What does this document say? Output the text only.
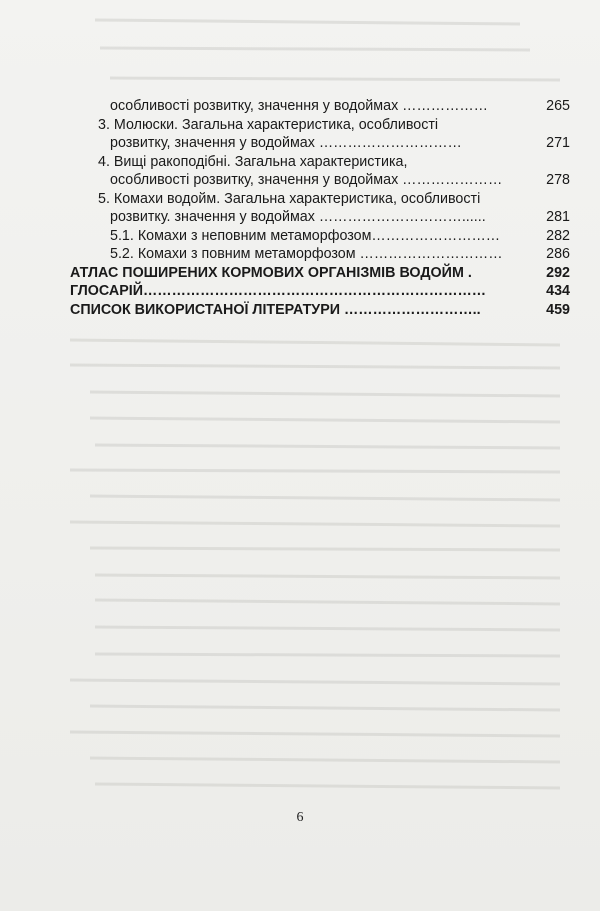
особливості розвитку, значення у водоймах ………………	265
3. Молюски. Загальна характеристика, особливості
розвитку, значення у водоймах …………………………	271
4. Вищі ракоподібні. Загальна характеристика,
особливості розвитку, значення у водоймах …………………	278
5. Комахи водойм. Загальна характеристика, особливості
розвитку. значення у водоймах …………………………......	281
5.1. Комахи з неповним метаморфозом………………………	282
5.2. Комахи з повним метаморфозом …………………………	286
АТЛАС ПОШИРЕНИХ КОРМОВИХ ОРГАНІЗМІВ ВОДОЙМ .	292
ГЛОСАРІЙ………………………………………………………………	434
СПИСОК ВИКОРИСТАНОЇ ЛІТЕРАТУРИ ………………………..	459
6
